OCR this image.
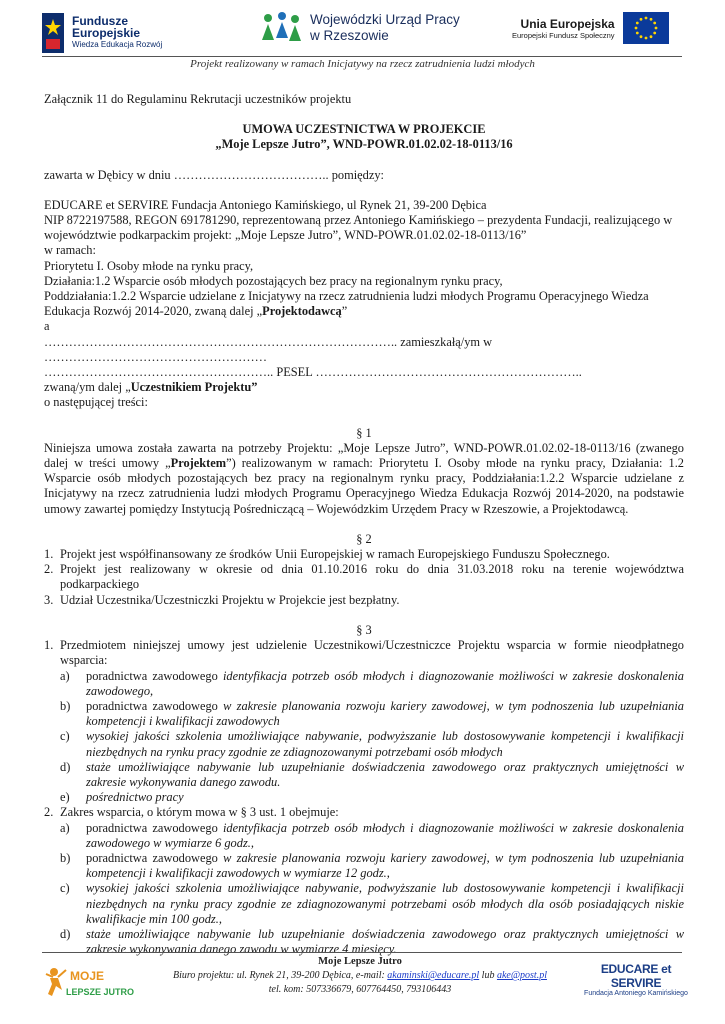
Fundusze
Europejskie
Wiedza Edukacja Rozwój
Wojewódzki Urząd Pracy
w Rzeszowie
Unia Europejska
Europejski Fundusz Społeczny
Projekt realizowany w ramach Inicjatywy na rzecz zatrudnienia ludzi młodych

Załącznik 11 do Regulaminu Rekrutacji uczestników projektu

UMOWA UCZESTNICTWA W PROJEKCIE

„Moje Lepsze Jutro”, WND-POWR.01.02.02-18-0113/16

zawarta w Dębicy w dniu ……………………………….. pomiędzy:

EDUCARE et SERVIRE Fundacja Antoniego Kamińskiego, ul Rynek 21, 39-200 Dębica

NIP 8722197588, REGON 691781290, reprezentowaną przez Antoniego Kamińskiego – prezydenta Fundacji, realizującego w województwie podkarpackim projekt: „Moje Lepsze Jutro”, WND-POWR.01.02.02-18-0113/16”

w ramach:

Priorytetu I. Osoby młode na rynku pracy,

Działania:1.2 Wsparcie osób młodych pozostających bez pracy na regionalnym rynku pracy,

Poddziałania:1.2.2 Wsparcie udzielane z Inicjatywy na rzecz zatrudnienia ludzi młodych Programu Operacyjnego Wiedza Edukacja Rozwój 2014-2020, zwaną dalej „Projektodawcą”

a

………………………………………………………………………….. zamieszkałą/ym w ………………………………………………

……………………………………………….. PESEL ………………………………………………………..

zwaną/ym dalej „Uczestnikiem Projektu”

o następującej treści:

§ 1

Niniejsza umowa została zawarta na potrzeby Projektu: „Moje Lepsze Jutro”, WND-POWR.01.02.02-18-0113/16 (zwanego dalej w treści umowy „Projektem”) realizowanym w ramach: Priorytetu I. Osoby młode na rynku pracy, Działania: 1.2 Wsparcie osób młodych pozostających bez pracy na regionalnym rynku pracy, Poddziałania:1.2.2 Wsparcie udzielane z Inicjatywy na rzecz zatrudnienia ludzi młodych Programu Operacyjnego Wiedza Edukacja Rozwój 2014-2020, na podstawie umowy zawartej pomiędzy Instytucją Pośredniczącą – Wojewódzkim Urzędem Pracy w Rzeszowie, a Projektodawcą.

§ 2

1. Projekt jest współfinansowany ze środków Unii Europejskiej w ramach Europejskiego Funduszu Społecznego.
2. Projekt jest realizowany w okresie od dnia 01.10.2016 roku do dnia 31.03.2018 roku na terenie województwa podkarpackiego
3. Udział Uczestnika/Uczestniczki Projektu w Projekcie jest bezpłatny.

§ 3

1. Przedmiotem niniejszej umowy jest udzielenie Uczestnikowi/Uczestniczce Projektu wsparcia w formie nieodpłatnego wsparcia:
a)	poradnictwa zawodowego identyfikacja potrzeb osób młodych i diagnozowanie możliwości w zakresie doskonalenia zawodowego,
b)	poradnictwa zawodowego w zakresie planowania rozwoju kariery zawodowej, w tym podnoszenia lub uzupełniania kompetencji i kwalifikacji zawodowych
c)	wysokiej jakości szkolenia umożliwiające nabywanie, podwyższanie lub dostosowywanie kompetencji i kwalifikacji niezbędnych na rynku pracy zgodnie ze zdiagnozowanymi potrzebami osób młodych
d)	staże umożliwiające nabywanie lub uzupełnianie doświadczenia zawodowego oraz praktycznych umiejętności w zakresie wykonywania danego zawodu.
e)	pośrednictwo pracy
2. Zakres wsparcia, o którym mowa w § 3 ust. 1 obejmuje:
a)	poradnictwa zawodowego identyfikacja potrzeb osób młodych i diagnozowanie możliwości w zakresie doskonalenia zawodowego w wymiarze 6 godz.,
b)	poradnictwa zawodowego w zakresie planowania rozwoju kariery zawodowej, w tym podnoszenia lub uzupełniania kompetencji i kwalifikacji zawodowych w wymiarze 12 godz.,
c)	wysokiej jakości szkolenia umożliwiające nabywanie, podwyższanie lub dostosowywanie kompetencji i kwalifikacji niezbędnych na rynku pracy zgodnie ze zdiagnozowanymi potrzebami osób młodych dla osób posiadających niskie kwalifikacje min 100 godz.,
d)	staże umożliwiające nabywanie lub uzupełnianie doświadczenia zawodowego oraz praktycznych umiejętności w zakresie wykonywania danego zawodu w wymiarze 4 miesięcy.
MOJE
LEPSZE JUTRO
Moje Lepsze Jutro
Biuro projektu: ul. Rynek 21, 39-200 Dębica, e-mail: akaminski@educare.pl lub ake@post.pl
tel. kom: 507336679, 607764450, 793106443
EDUCARE et SERVIRE
Fundacja Antoniego Kamińskiego
